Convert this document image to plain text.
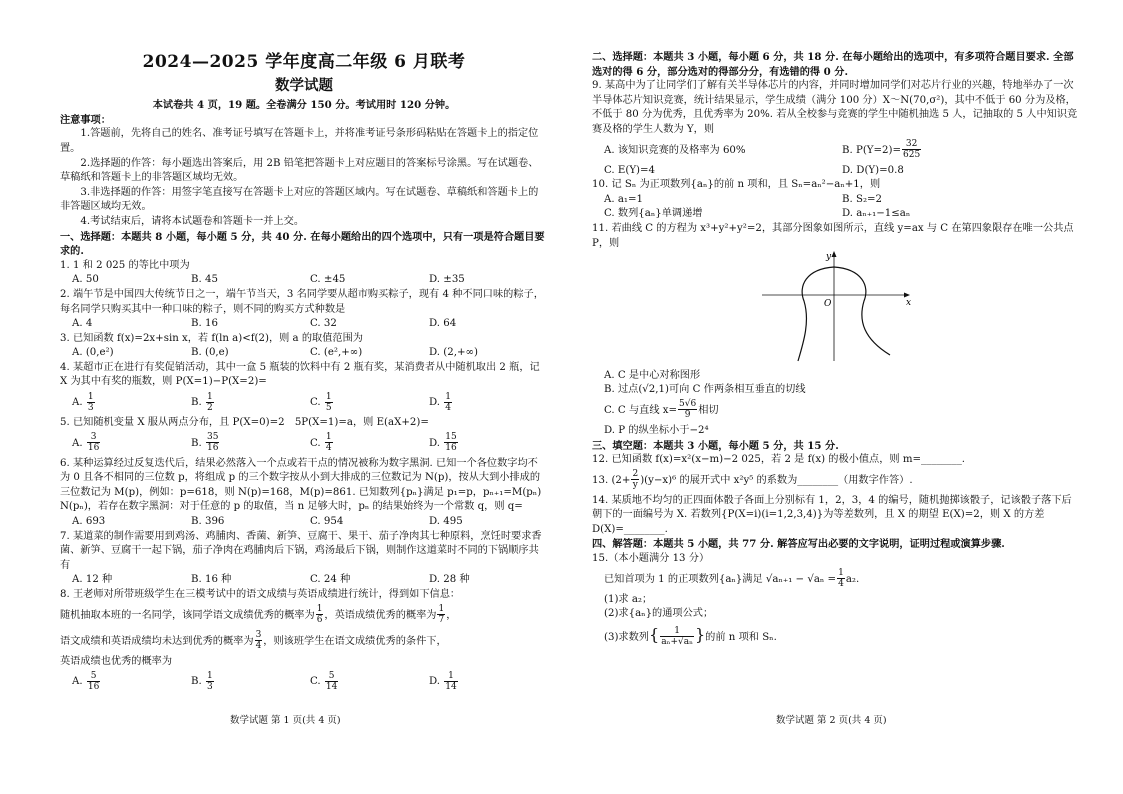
2024—2025 学年度高二年级 6 月联考
数学试题
本试卷共 4 页，19 题。全卷满分 150 分。考试用时 120 分钟。

注意事项：

1.答题前，先将自己的姓名、准考证号填写在答题卡上，并将准考证号条形码粘贴在答题卡上的指定位置。

2.选择题的作答：每小题选出答案后，用 2B 铅笔把答题卡上对应题目的答案标号涂黑。写在试题卷、草稿纸和答题卡上的非答题区域均无效。

3.非选择题的作答：用签字笔直接写在答题卡上对应的答题区域内。写在试题卷、草稿纸和答题卡上的非答题区域均无效。

4.考试结束后，请将本试题卷和答题卡一并上交。

一、选择题：本题共 8 小题，每小题 5 分，共 40 分. 在每小题给出的四个选项中，只有一项是符合题目要求的.

1. 1 和 2 025 的等比中项为

A. 50	B. 45	C. ±45	D. ±35

2. 端午节是中国四大传统节日之一，端午节当天，3 名同学要从超市购买粽子，现有 4 种不同口味的粽子，每名同学只购买其中一种口味的粽子，则不同的购买方式种数是

A. 4	B. 16	C. 32	D. 64

3. 已知函数 f(x)=2x+sin x，若 f(ln a)<f(2)，则 a 的取值范围为

A. (0,e²)	B. (0,e)	C. (e²,+∞)	D. (2,+∞)

4. 某超市正在进行有奖促销活动，其中一盒 5 瓶装的饮料中有 2 瓶有奖，某消费者从中随机取出 2 瓶，记 X 为其中有奖的瓶数，则 P(X=1)−P(X=2)=

A. $\frac{1}{3}$	B. $\frac{1}{2}$	C. $\frac{1}{5}$	D. $\frac{1}{4}$

5. 已知随机变量 X 服从两点分布，且 P(X=0)=2　5P(X=1)=a，则 E(aX+2)=

A. $\frac{3}{16}$	B. $\frac{35}{16}$	C. $\frac{1}{4}$	D. $\frac{15}{16}$

6. 某种运算经过反复迭代后，结果必然落入一个点或若干点的情况被称为数字黑洞. 已知一个各位数字均不为 0 且各不相同的三位数 p，将组成 p 的三个数字按从小到大排成的三位数记为 N(p)，按从大到小排成的三位数记为 M(p)，例如：p=618，则 N(p)=168，M(p)=861. 已知数列{pₙ}满足 p₁=p，pₙ₊₁=M(pₙ)　N(pₙ)，若存在数字黑洞：对于任意的 p 的取值，当 n 足够大时，pₙ 的结果始终为一个常数 q，则 q=

A. 693	B. 396	C. 954	D. 495

7. 某道菜的制作需要用到鸡汤、鸡脯肉、香菌、新笋、豆腐干、果干、茄子净肉其七种原料，烹饪时要求香菌、新笋、豆腐干一起下锅，茄子净肉在鸡脯肉后下锅，鸡汤最后下锅，则制作这道菜时不同的下锅顺序共有

A. 12 种	B. 16 种	C. 24 种	D. 28 种

8. 王老师对所带班级学生在三模考试中的语文成绩与英语成绩进行统计，得到如下信息：

随机抽取本班的一名同学，该同学语文成绩优秀的概率为 $\frac{1}{6}$ ，英语成绩优秀的概率为 $\frac{1}{7}$ ，

语文成绩和英语成绩均未达到优秀的概率为 $\frac{3}{4}$ ，则该班学生在语文成绩优秀的条件下，

英语成绩也优秀的概率为

A. $\frac{5}{16}$	B. $\frac{1}{3}$	C. $\frac{5}{14}$	D. $\frac{1}{14}$

二、选择题：本题共 3 小题，每小题 6 分，共 18 分. 在每小题给出的选项中，有多项符合题目要求. 全部选对的得 6 分，部分选对的得部分分，有选错的得 0 分.

9. 某高中为了让同学们了解有关半导体芯片的内容，并同时增加同学们对芯片行业的兴趣，特地举办了一次半导体芯片知识竞赛，统计结果显示，学生成绩（满分 100 分）X～N(70,σ²)，其中不低于 60 分为及格，不低于 80 分为优秀，且优秀率为 20%. 若从全校参与竞赛的学生中随机抽选 5 人，记抽取的 5 人中知识竞赛及格的学生人数为 Y，则

A. 该知识竞赛的及格率为 60%	B. $P(Y=2)= \frac{32}{625}$
C. E(Y)=4	D. D(Y)=0.8

10. 记 Sₙ 为正项数列{aₙ}的前 n 项和，且 Sₙ=aₙ²−aₙ+1，则

A. a₁=1	B. S₂=2
C. 数列{aₙ}单调递增	D. aₙ₊₁−1≤aₙ

11. 若曲线 C 的方程为 x³+y²+y²=2，其部分图象如图所示，直线 y=ax 与 C 在第四象限存在唯一公共点 P，则

x
y
O

A. C 是中心对称图形

B. 过点(√2,1)可向 C 作两条相互垂直的切线

C. C 与直线 $x= \frac{5√6}{9}$ 相切

D. P 的纵坐标小于−2⁴

三、填空题：本题共 3 小题，每小题 5 分，共 15 分.

12. 已知函数 f(x)=x²(x−m)−2 025，若 2 是 f(x) 的极小值点，则 m=________.

13. $(2+ \frac{2}{y} )(y-x)^6$ 的展开式中 x²y⁵ 的系数为________（用数字作答）.

14. 某质地不均匀的正四面体骰子各面上分别标有 1，2，3，4 的编号，随机抛掷该骰子，记该骰子落下后朝下的一面编号为 X. 若数列{P(X=i)(i=1,2,3,4)}为等差数列，且 X 的期望 E(X)=2，则 X 的方差 D(X)=________.

四、解答题：本题共 5 小题，共 77 分. 解答应写出必要的文字说明，证明过程或演算步骤.

15.（本小题满分 13 分）

已知首项为 1 的正项数列{aₙ}满足 $√a_{n+1} - √a_n = \frac{1}{4} a_2$.

(1)求 a₂；

(2)求{aₙ}的通项公式；

(3)求数列{ $\frac{1}{\text{aₙ+√aₙ}}$ }的前 n 项和 Sₙ.

数学试题 第 1 页(共 4 页)	数学试题 第 2 页(共 4 页)
